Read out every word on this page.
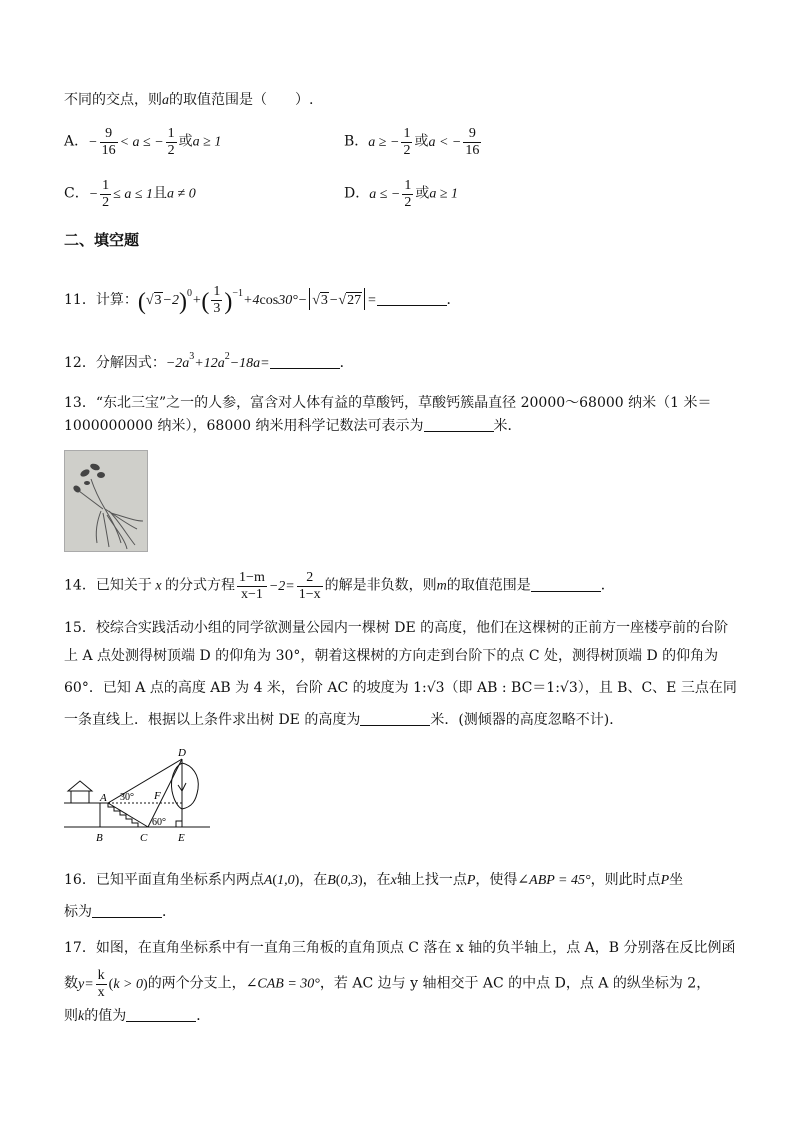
不同的交点，则a的取值范围是（　　）.
A．− $\frac{9}{16} < a$ ≤ − $\frac{1}{2}$ 或a ≥ 1	B．a ≥ − $\frac{1}{2}$ 或a < − $\frac{9}{16}$
C．− $\frac{1}{2} \le a \le 1$且a ≠ 0	D．a ≤ − $\frac{1}{2}$ 或a ≥ 1
二、填空题
11．计算：$(√3-2)^0+( \frac{1}{3} )^{-1}+4\cos 30^\circ- √3-√27$ =	．
12．分解因式：$-2a^3+12a^2-18a=$	．
13．“东北三宝”之一的人参，富含对人体有益的草酸钙，草酸钙簇晶直径 20000～68000 纳米（1 米＝
1000000000 纳米），68000 纳米用科学记数法可表示为	米．
14．已知关于 x 的分式方程 $\frac{1-m}{x-1} -2= \frac{2}{1-x}$ 的解是非负数，则m的取值范围是	．
15．校综合实践活动小组的同学欲测量公园内一棵树 DE 的高度，他们在这棵树的正前方一座楼亭前的台阶
上 A 点处测得树顶端 D 的仰角为 30°，朝着这棵树的方向走到台阶下的点 C 处，测得树顶端 D 的仰角为
60°．已知 A 点的高度 AB 为 4 米，台阶 AC 的坡度为 1:√3（即 AB : BC＝1:√3），且 B、C、E 三点在同
一条直线上．根据以上条件求出树 DE 的高度为	米．(测倾器的高度忽略不计)．
A
B	C
D
E
F
30°
60°
16．已知平面直角坐标系内两点A(1,0)，在B(0,3)，在x轴上找一点P，使得∠ABP = 45°，则此时点P坐
标为	．
17．如图，在直角坐标系中有一直角三角板的直角顶点 C 落在 x 轴的负半轴上，点 A，B 分别落在反比例函
数$y= \frac{k}{x} (k > 0)$的两个分支上，∠CAB = 30°，若 AC 边与 y 轴相交于 AC 的中点 D，点 A 的纵坐标为 2，
则k的值为	．
